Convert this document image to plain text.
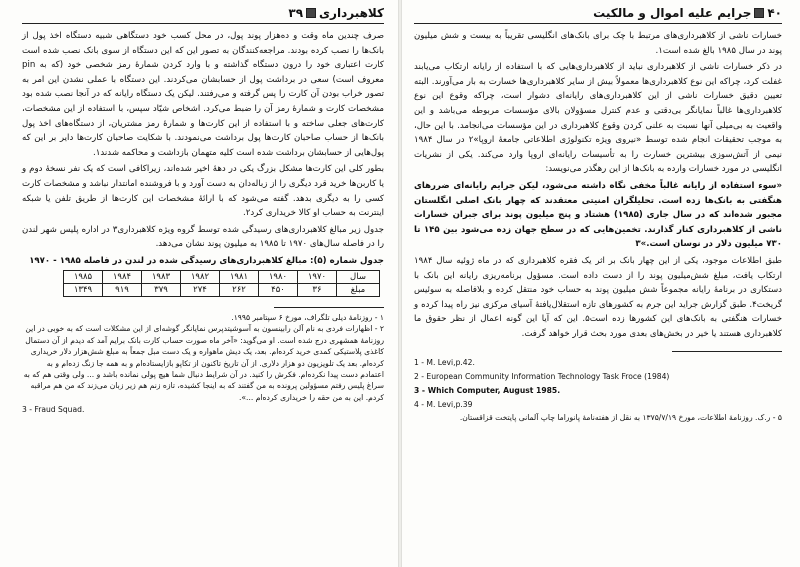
۴۰
جرایم علیه اموال و مالکیت

خسارات ناشی از کلاهبرداری‌های مرتبط با چک برای بانک‌های انگلیسی تقریباً به بیست و شش میلیون پوند در سال ۱۹۸۵ بالغ شده است۱.

در ذکر خسارات ناشی از کلاهبرداری نباید از کلاهبرداری‌هایی که با استفاده از رایانه ارتکاب می‌یابند غفلت کرد، چراکه این نوع کلاهبرداری‌ها معمولاً بیش از سایر کلاهبرداری‌ها خسارت به بار می‌آورند. البته تعیین دقیق خسارات ناشی از این کلاهبرداری‌های رایانه‌ای دشوار است، چراکه وقوع این نوع کلاهبرداری‌ها غالباً نمایانگر بی‌دقتی و عدم کنترل مسؤولان بالای مؤسسات مربوطه می‌باشد و این واقعیت به بی‌میلی آنها نسبت به علنی کردن وقوع کلاهبرداری در این مؤسسات می‌انجامد. با این حال، به موجب تحقیقات انجام شده توسط «نیروی ویژه تکنولوژی اطلاعاتی جامعهٔ اروپا»۲ در سال ۱۹۸۴ نیمی از آتش‌سوزی بیشترین خسارت را به تأسیسات رایانه‌ای اروپا وارد می‌کند. یکی از نشریات انگلیسی در مورد خسارات وارده به بانک‌ها از این رهگذر می‌نویسد:

«سوء استفاده از رایانه غالباً مخفی نگاه داشته می‌شود، لیکن جرایم رایانه‌ای ضررهای هنگفتی به بانک‌ها زده است. تحلیلگران امنیتی معتقدند که چهار بانک اصلی انگلستان مجبور شده‌اند که در سال جاری (۱۹۸۵) هشتاد و پنج میلیون پوند برای جبران خسارات ناشی از کلاهبرداری کنار گذارند. تخمین‌هایی که در سطح جهان زده می‌شود بین ۱۴۵ تا ۷۳۰ میلیون دلار در نوسان است.»۳

طبق اطلاعات موجود، یکی از این چهار بانک بر اثر یک فقره کلاهبرداری که در ماه ژوئیه سال ۱۹۸۴ ارتکاب یافت، مبلغ شش‌میلیون پوند را از دست داده است. مسؤول برنامه‌ریزی رایانه این بانک با دستکاری در برنامهٔ رایانه مجموعاً شش میلیون پوند به حساب خود منتقل کرده و بلافاصله به سوئیس گریخت۴. طبق گزارش جراید این جرم به کشورهای تازه استقلال‌یافتهٔ آسیای مرکزی نیز راه پیدا کرده و خسارات هنگفتی به بانک‌های این کشورها زده است۵. این که آیا این گونه اعمال از نظر حقوق ما کلاهبرداری هستند یا خیر در بخش‌های بعدی مورد بحث قرار خواهد گرفت.

1 - M. Levi,p.42.

2 - European Community Information Technology Task Froce (1984)

3 - Which Computer, August 1985.

4 - M. Levi,p.39

۵ - ر.ک. روزنامهٔ اطلاعات، مورخ ۱۳۷۵/۷/۱۹ به نقل از هفته‌نامهٔ پانوراما چاپ آلمانی پایتخت قزاقستان.

کلاهبرداری
۳۹

صرف چندین ماه وقت و ده‌هزار پوند پول، در محل کسب خود دستگاهی شبیه دستگاه اخذ پول از بانک‌ها را نصب کرده بودند. مراجعه‌کنندگان به تصور این که این دستگاه از سوی بانک نصب شده است کارت اعتباری خود را درون دستگاه گذاشته و با وارد کردن شمارهٔ رمز شخصی خود (که به pin معروف است) سعی در برداشت پول از حسابشان می‌کردند. این دستگاه با عملی نشدن این امر به تصور خراب بودن آن کارت را پس گرفته و می‌رفتند. لیکن یک دستگاه رایانه که در آنجا نصب شده بود مشخصات کارت و شمارهٔ رمز آن را ضبط می‌کرد. اشخاص شیّاد سپس، با استفاده از این مشخصات، کارت‌های جعلی ساخته و با استفاده از این کارت‌ها و شمارهٔ رمز مشتریان، از دستگاه‌های اخذ پول بانک‌ها از حساب صاحبان کارت‌ها پول برداشت می‌نمودند. با شکایت صاحبان کارت‌ها دایر بر این که پول‌هایی از حسابشان برداشت شده است کلیه متهمان بازداشت و محاکمه شدند۱.

بطور کلی این کارت‌ها مشکل بزرگ یکی در دههٔ اخیر شده‌اند، زیراکافی است که یک نفر نسخهٔ دوم و یا کاربن‌ها خرید قرد دیگری را از زباله‌دان به دست آورد و با فروشنده امانتدار نباشد و مشخصات کارت کسی را به دیگری بدهد. گفته می‌شود که با ارائهٔ مشخصات این کارت‌ها از طریق تلفن یا شبکه اینترنت به حساب او کالا خریداری کرد۲.

جدول زیر مبالغ کلاهبرداری‌های رسیدگی شده توسط گروه ویژه کلاهبرداری۳ در اداره پلیس شهر لندن را در فاصله سال‌های ۱۹۷۰ تا ۱۹۸۵ به میلیون پوند نشان می‌دهد.

جدول شماره (۵): مبالغ کلاهبرداری‌های رسیدگی شده در لندن در فاصله ۱۹۸۵ - ۱۹۷۰
سال	۱۹۷۰	۱۹۸۰	۱۹۸۱	۱۹۸۲	۱۹۸۳	۱۹۸۴	۱۹۸۵
مبلغ	۳۶	۴۵۰	۲۶۲	۲۷۴	۳۷۹	۹۱۹	۱۳۴۹

۱ - روزنامهٔ دیلی تلگراف، مورخ ۶ سپتامبر ۱۹۹۵.

۲ - اظهارات فردی به نام آلن رابینسون به آسوشیتدپرس نمایانگر گوشه‌ای از این مشکلات است که به خوبی در این روزنامهٔ همشهری درج شده است. او می‌گوید: «آخر ماه صورت حساب کارت بانک برایم آمد که دیدم از آن دستمال کاغذی پلاستیکی کمدی خرید کرده‌ام. بعد، یک دیش ماهواره و یک دست مبل جمعاً به مبلغ شش‌هزار دلار خریداری کرده‌ام. بعد یک تلویزیون دو هزار دلاری. از آن تاریخ تاکنون از تکاپو بازایستاده‌ام و به همه جا زنگ زده‌ام و به اعتمادم دست پیدا نکرده‌ام. فکرش را کنید. در آن شرایط دنبال شما هیچ پولی نمانده باشد و ... ولی وقتی هم که به سراغ پلیس رفتم مسؤولین پرونده به من گفتند که به اینجا کشیده، تازه زنم هم زیر زبان می‌زند که من هم مراقبه کردم. این به من حقه را خریداری کرده‌ام ...».

3 - Fraud Squad.
